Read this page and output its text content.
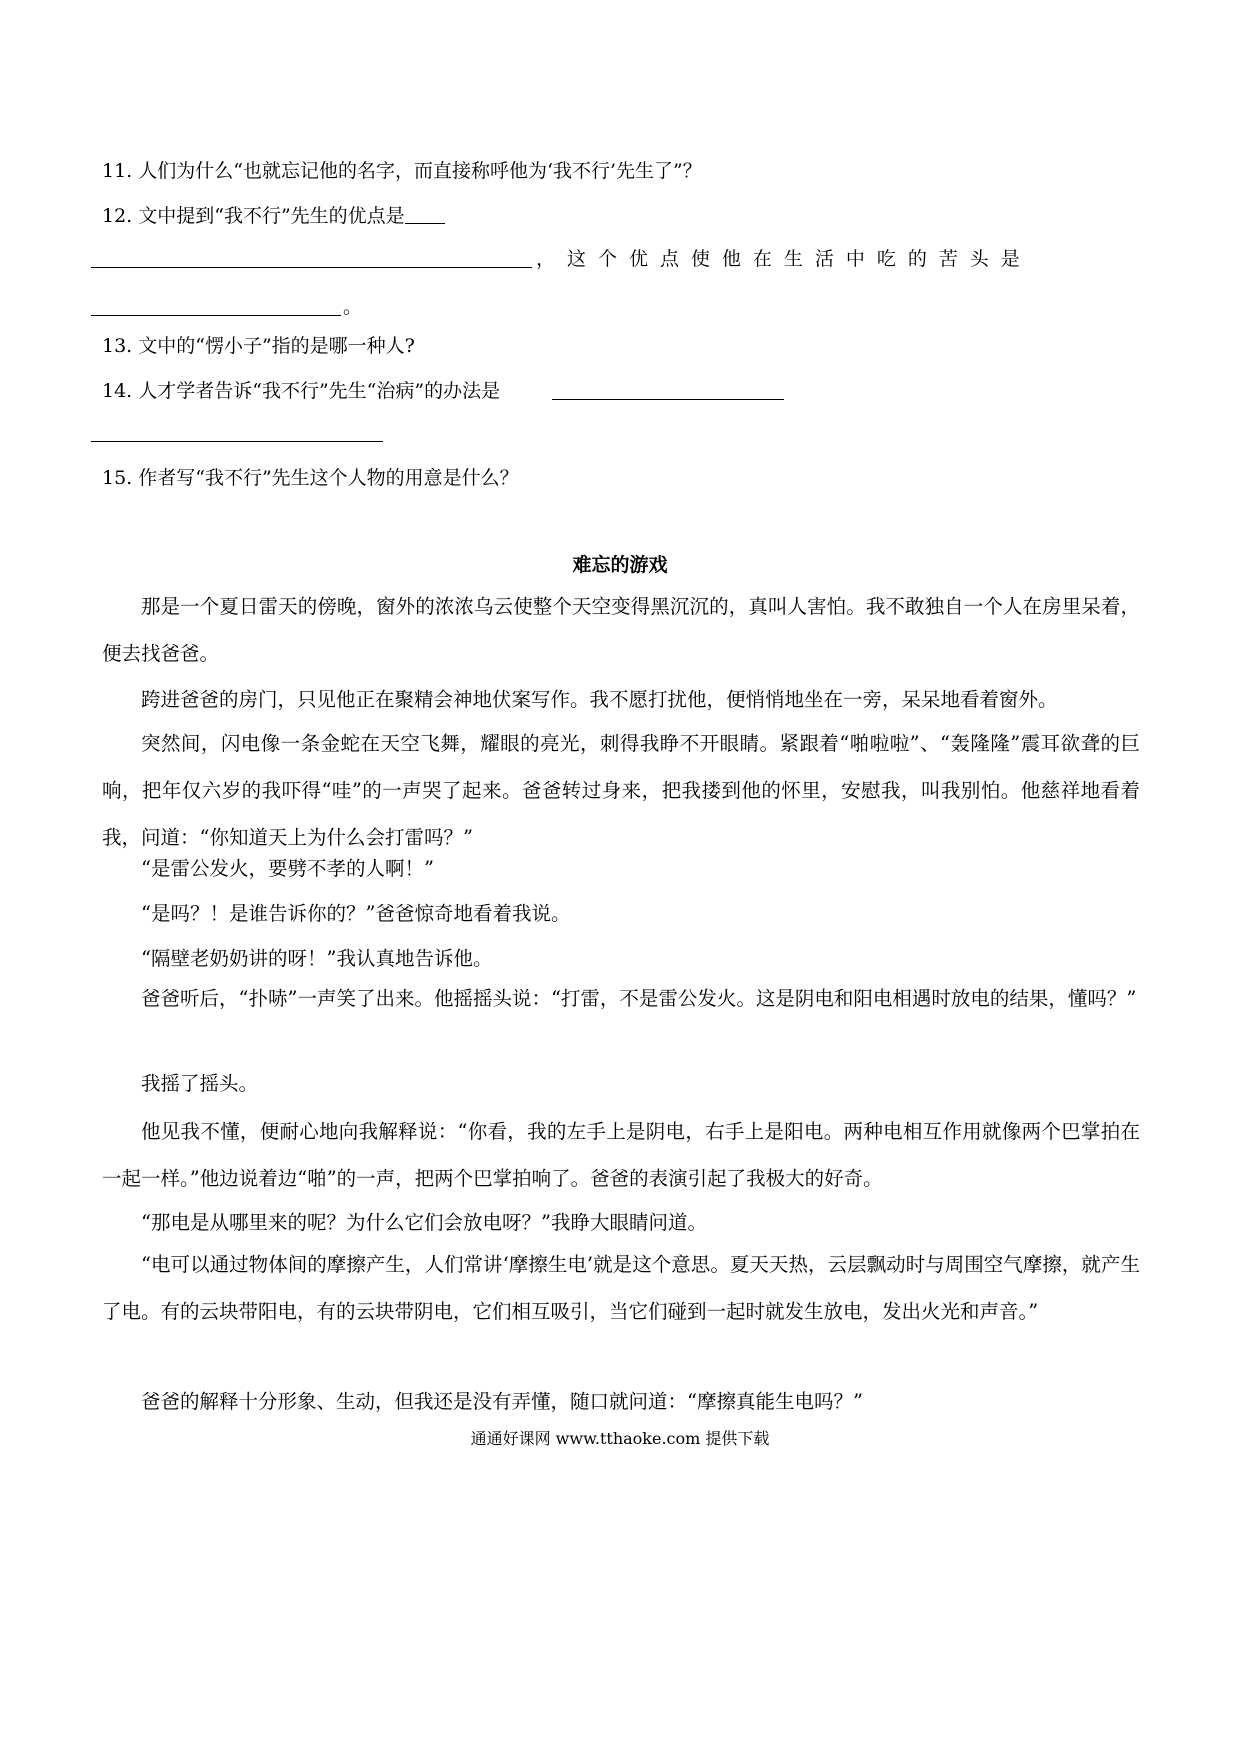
11. 人们为什么“也就忘记他的名字，而直接称呼他为‘我不行’先生了”？
12. 文中提到“我不行”先生的优点是
， 这 个 优 点 使 他 在 生 活 中 吃 的 苦 头 是
。
13. 文中的“愣小子”指的是哪一种人?
14. 人才学者告诉“我不行”先生“治病”的办法是
15. 作者写“我不行”先生这个人物的用意是什么？
难忘的游戏
那是一个夏日雷天的傍晚，窗外的浓浓乌云使整个天空变得黑沉沉的，真叫人害怕。我不敢独自一个人在房里呆着，便去找爸爸。
跨进爸爸的房门，只见他正在聚精会神地伏案写作。我不愿打扰他，便悄悄地坐在一旁，呆呆地看着窗外。
突然间，闪电像一条金蛇在天空飞舞，耀眼的亮光，刺得我睁不开眼睛。紧跟着“啪啦啦”、“轰隆隆”震耳欲聋的巨响，把年仅六岁的我吓得“哇”的一声哭了起来。爸爸转过身来，把我搂到他的怀里，安慰我，叫我别怕。他慈祥地看着我，问道：“你知道天上为什么会打雷吗？”
“是雷公发火，要劈不孝的人啊！”
“是吗？！是谁告诉你的？”爸爸惊奇地看着我说。
“隔壁老奶奶讲的呀！”我认真地告诉他。
爸爸听后，“扑哧”一声笑了出来。他摇摇头说：“打雷，不是雷公发火。这是阴电和阳电相遇时放电的结果，懂吗？”
我摇了摇头。
他见我不懂，便耐心地向我解释说：“你看，我的左手上是阴电，右手上是阳电。两种电相互作用就像两个巴掌拍在一起一样。”他边说着边“啪”的一声，把两个巴掌拍响了。爸爸的表演引起了我极大的好奇。
“那电是从哪里来的呢？为什么它们会放电呀？”我睁大眼睛问道。
“电可以通过物体间的摩擦产生，人们常讲‘摩擦生电’就是这个意思。夏天天热，云层飘动时与周围空气摩擦，就产生了电。有的云块带阳电，有的云块带阴电，它们相互吸引，当它们碰到一起时就发生放电，发出火光和声音。”
爸爸的解释十分形象、生动，但我还是没有弄懂，随口就问道：“摩擦真能生电吗？”
通通好课网 www.tthaoke.com 提供下载
